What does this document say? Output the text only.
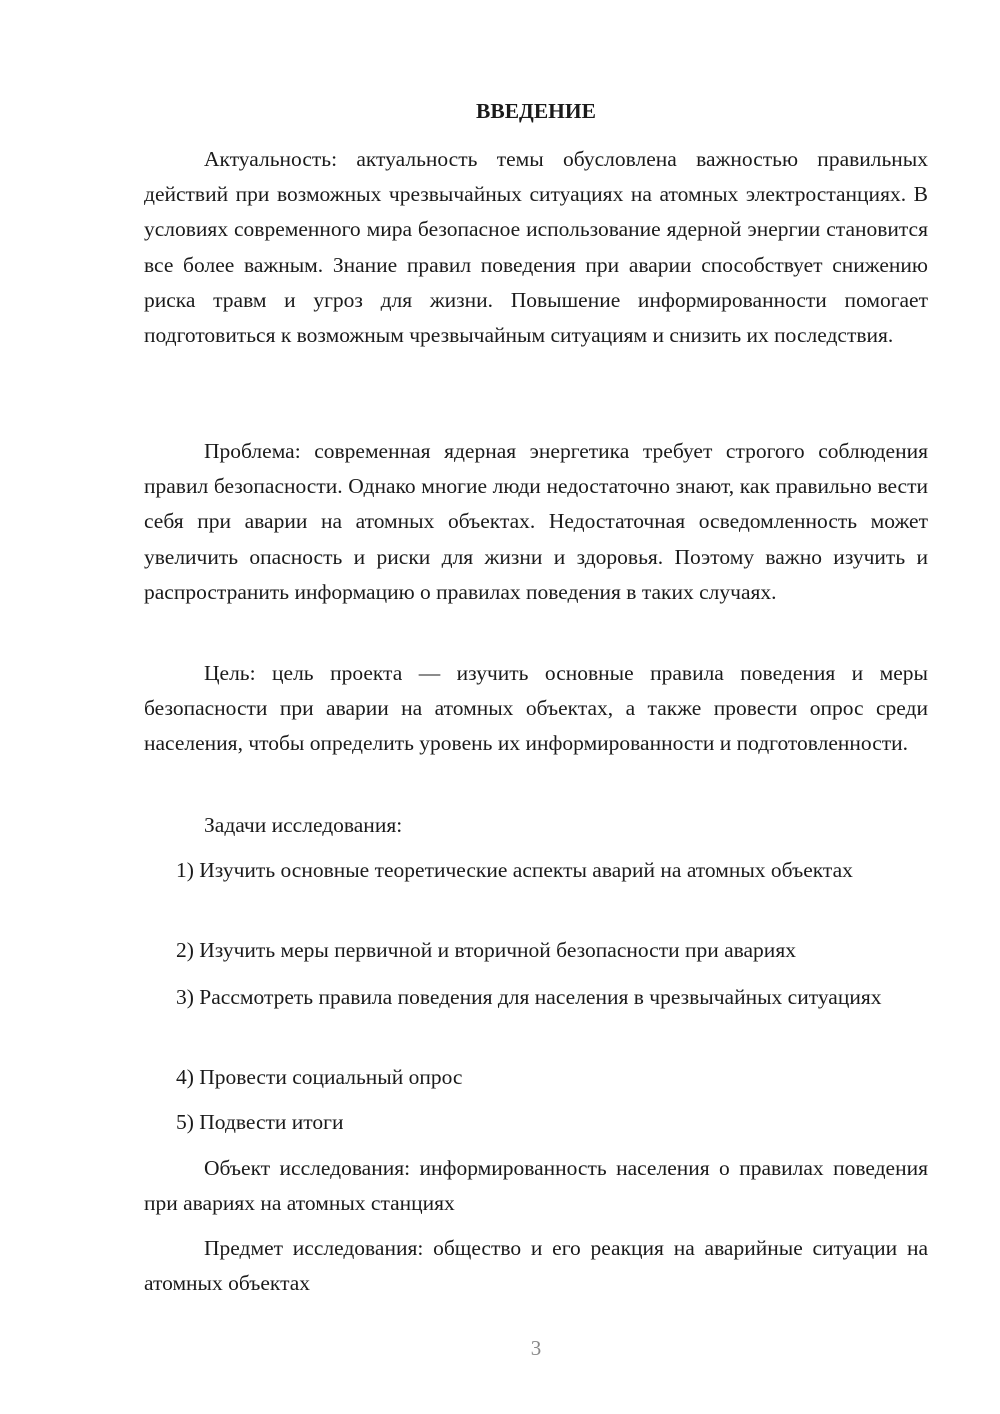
ВВЕДЕНИЕ

Актуальность: актуальность темы обусловлена важностью правильных действий при возможных чрезвычайных ситуациях на атомных электростанциях. В условиях современного мира безопасное использование ядерной энергии становится все более важным. Знание правил поведения при аварии способствует снижению риска травм и угроз для жизни. Повышение информированности помогает подготовиться к возможным чрезвычайным ситуациям и снизить их последствия.

Проблема: современная ядерная энергетика требует строгого соблюдения правил безопасности. Однако многие люди недостаточно знают, как правильно вести себя при аварии на атомных объектах. Недостаточная осведомленность может увеличить опасность и риски для жизни и здоровья. Поэтому важно изучить и распространить информацию о правилах поведения в таких случаях.

Цель: цель проекта — изучить основные правила поведения и меры безопасности при аварии на атомных объектах, а также провести опрос среди населения, чтобы определить уровень их информированности и подготовленности.

Задачи исследования:

1) Изучить основные теоретические аспекты аварий на атомных объектах

2) Изучить меры первичной и вторичной безопасности при авариях

3) Рассмотреть правила поведения для населения в чрезвычайных ситуациях

4) Провести социальный опрос

5) Подвести итоги

Объект исследования: информированность населения о правилах поведения при авариях на атомных станциях

Предмет исследования: общество и его реакция на аварийные ситуации на атомных объектах

3
